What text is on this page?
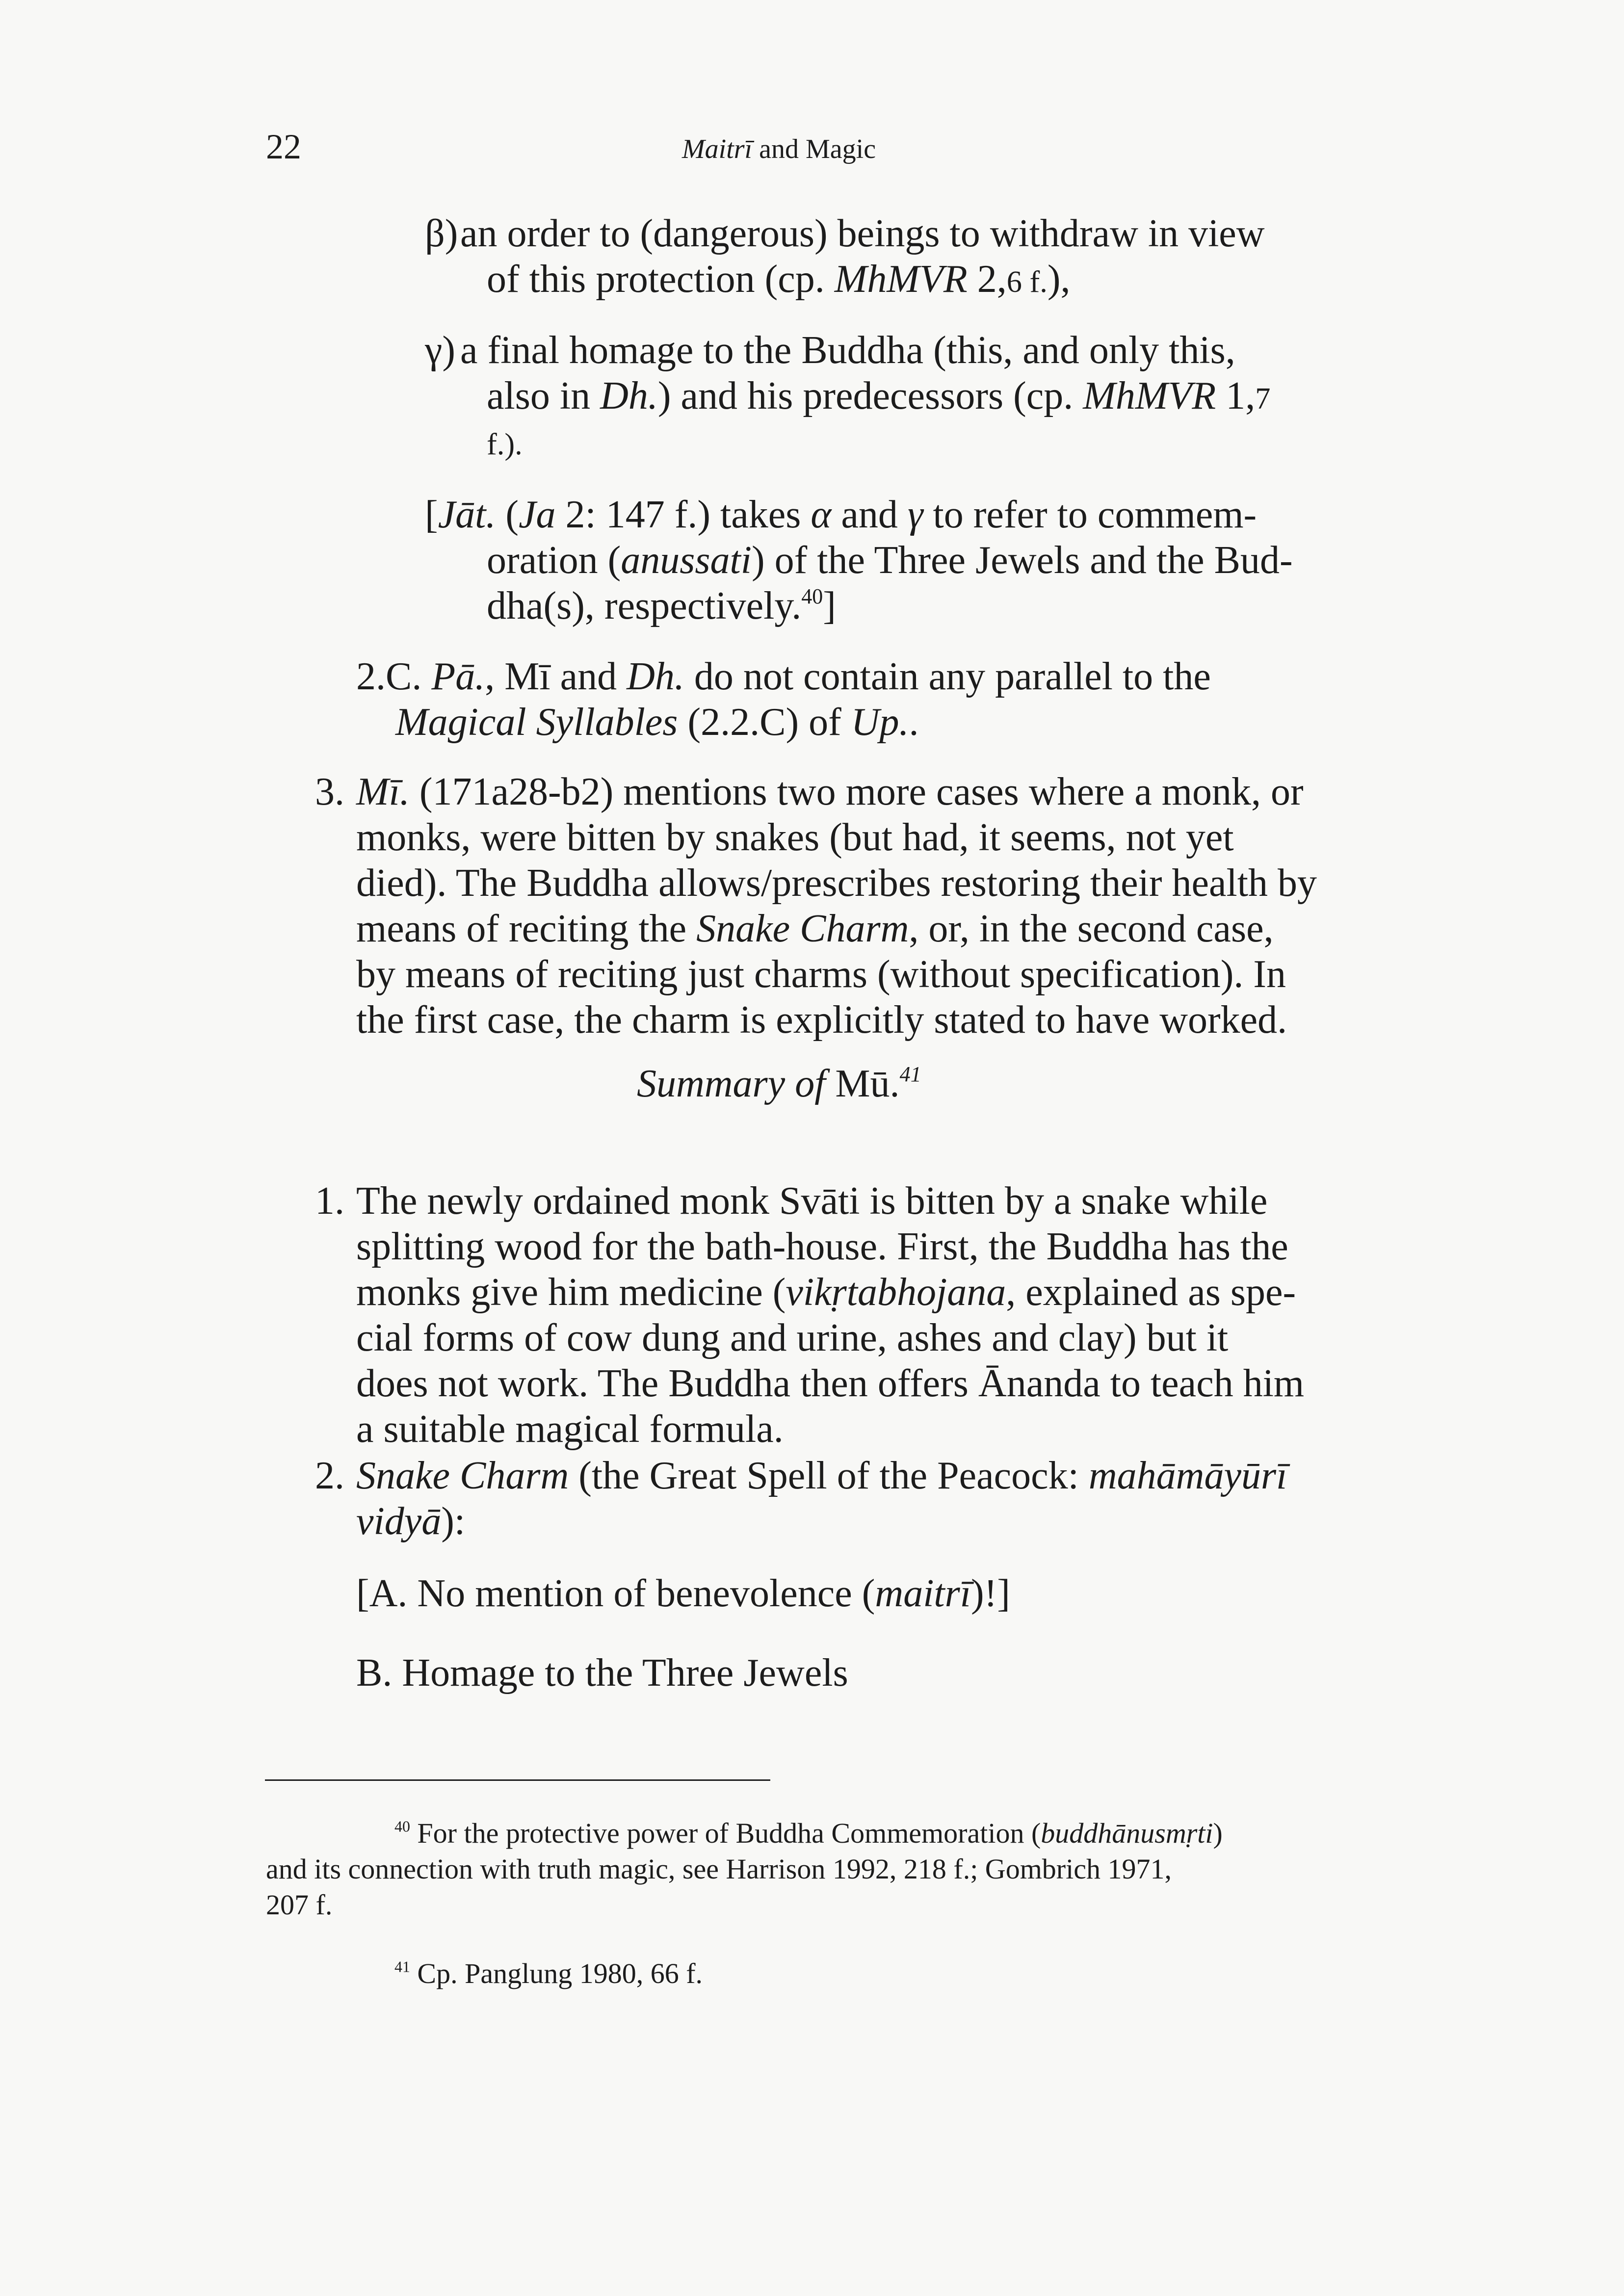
22	Maitrī and Magic

β)an order to (dangerous) beings to withdraw in view

of this protection (cp. MhMVR 2,6 f.),

γ) a final homage to the Buddha (this, and only this,

also in Dh.) and his predecessors (cp. MhMVR 1,7

f.).

[Jāt. (Ja 2: 147 f.) takes α and γ to refer to commem-

oration (anussati) of the Three Jewels and the Bud-

dha(s), respectively.$^{40}$]

2.C. Pā., Mī and Dh. do not contain any parallel to the

Magical Syllables (2.2.C) of Up..

3. Mī. (171a28-b2) mentions two more cases where a monk, or

monks, were bitten by snakes (but had, it seems, not yet

died). The Buddha allows/prescribes restoring their health by

means of reciting the Snake Charm, or, in the second case,

by means of reciting just charms (without specification). In

the first case, the charm is explicitly stated to have worked.

Summary of Mū.$^{41}$

1. The newly ordained monk Svāti is bitten by a snake while

splitting wood for the bath-house. First, the Buddha has the

monks give him medicine (vikṛtabhojana, explained as spe-

cial forms of cow dung and urine, ashes and clay) but it

does not work. The Buddha then offers Ānanda to teach him

a suitable magical formula.

2. Snake Charm (the Great Spell of the Peacock: mahāmāyūrī

vidyā):

[A. No mention of benevolence (maitrī)!]

B. Homage to the Three Jewels

$^{40}$ For the protective power of Buddha Commemoration (buddhānusmṛti)

and its connection with truth magic, see Harrison 1992, 218 f.; Gombrich 1971,

207 f.

$^{41}$ Cp. Panglung 1980, 66 f.
